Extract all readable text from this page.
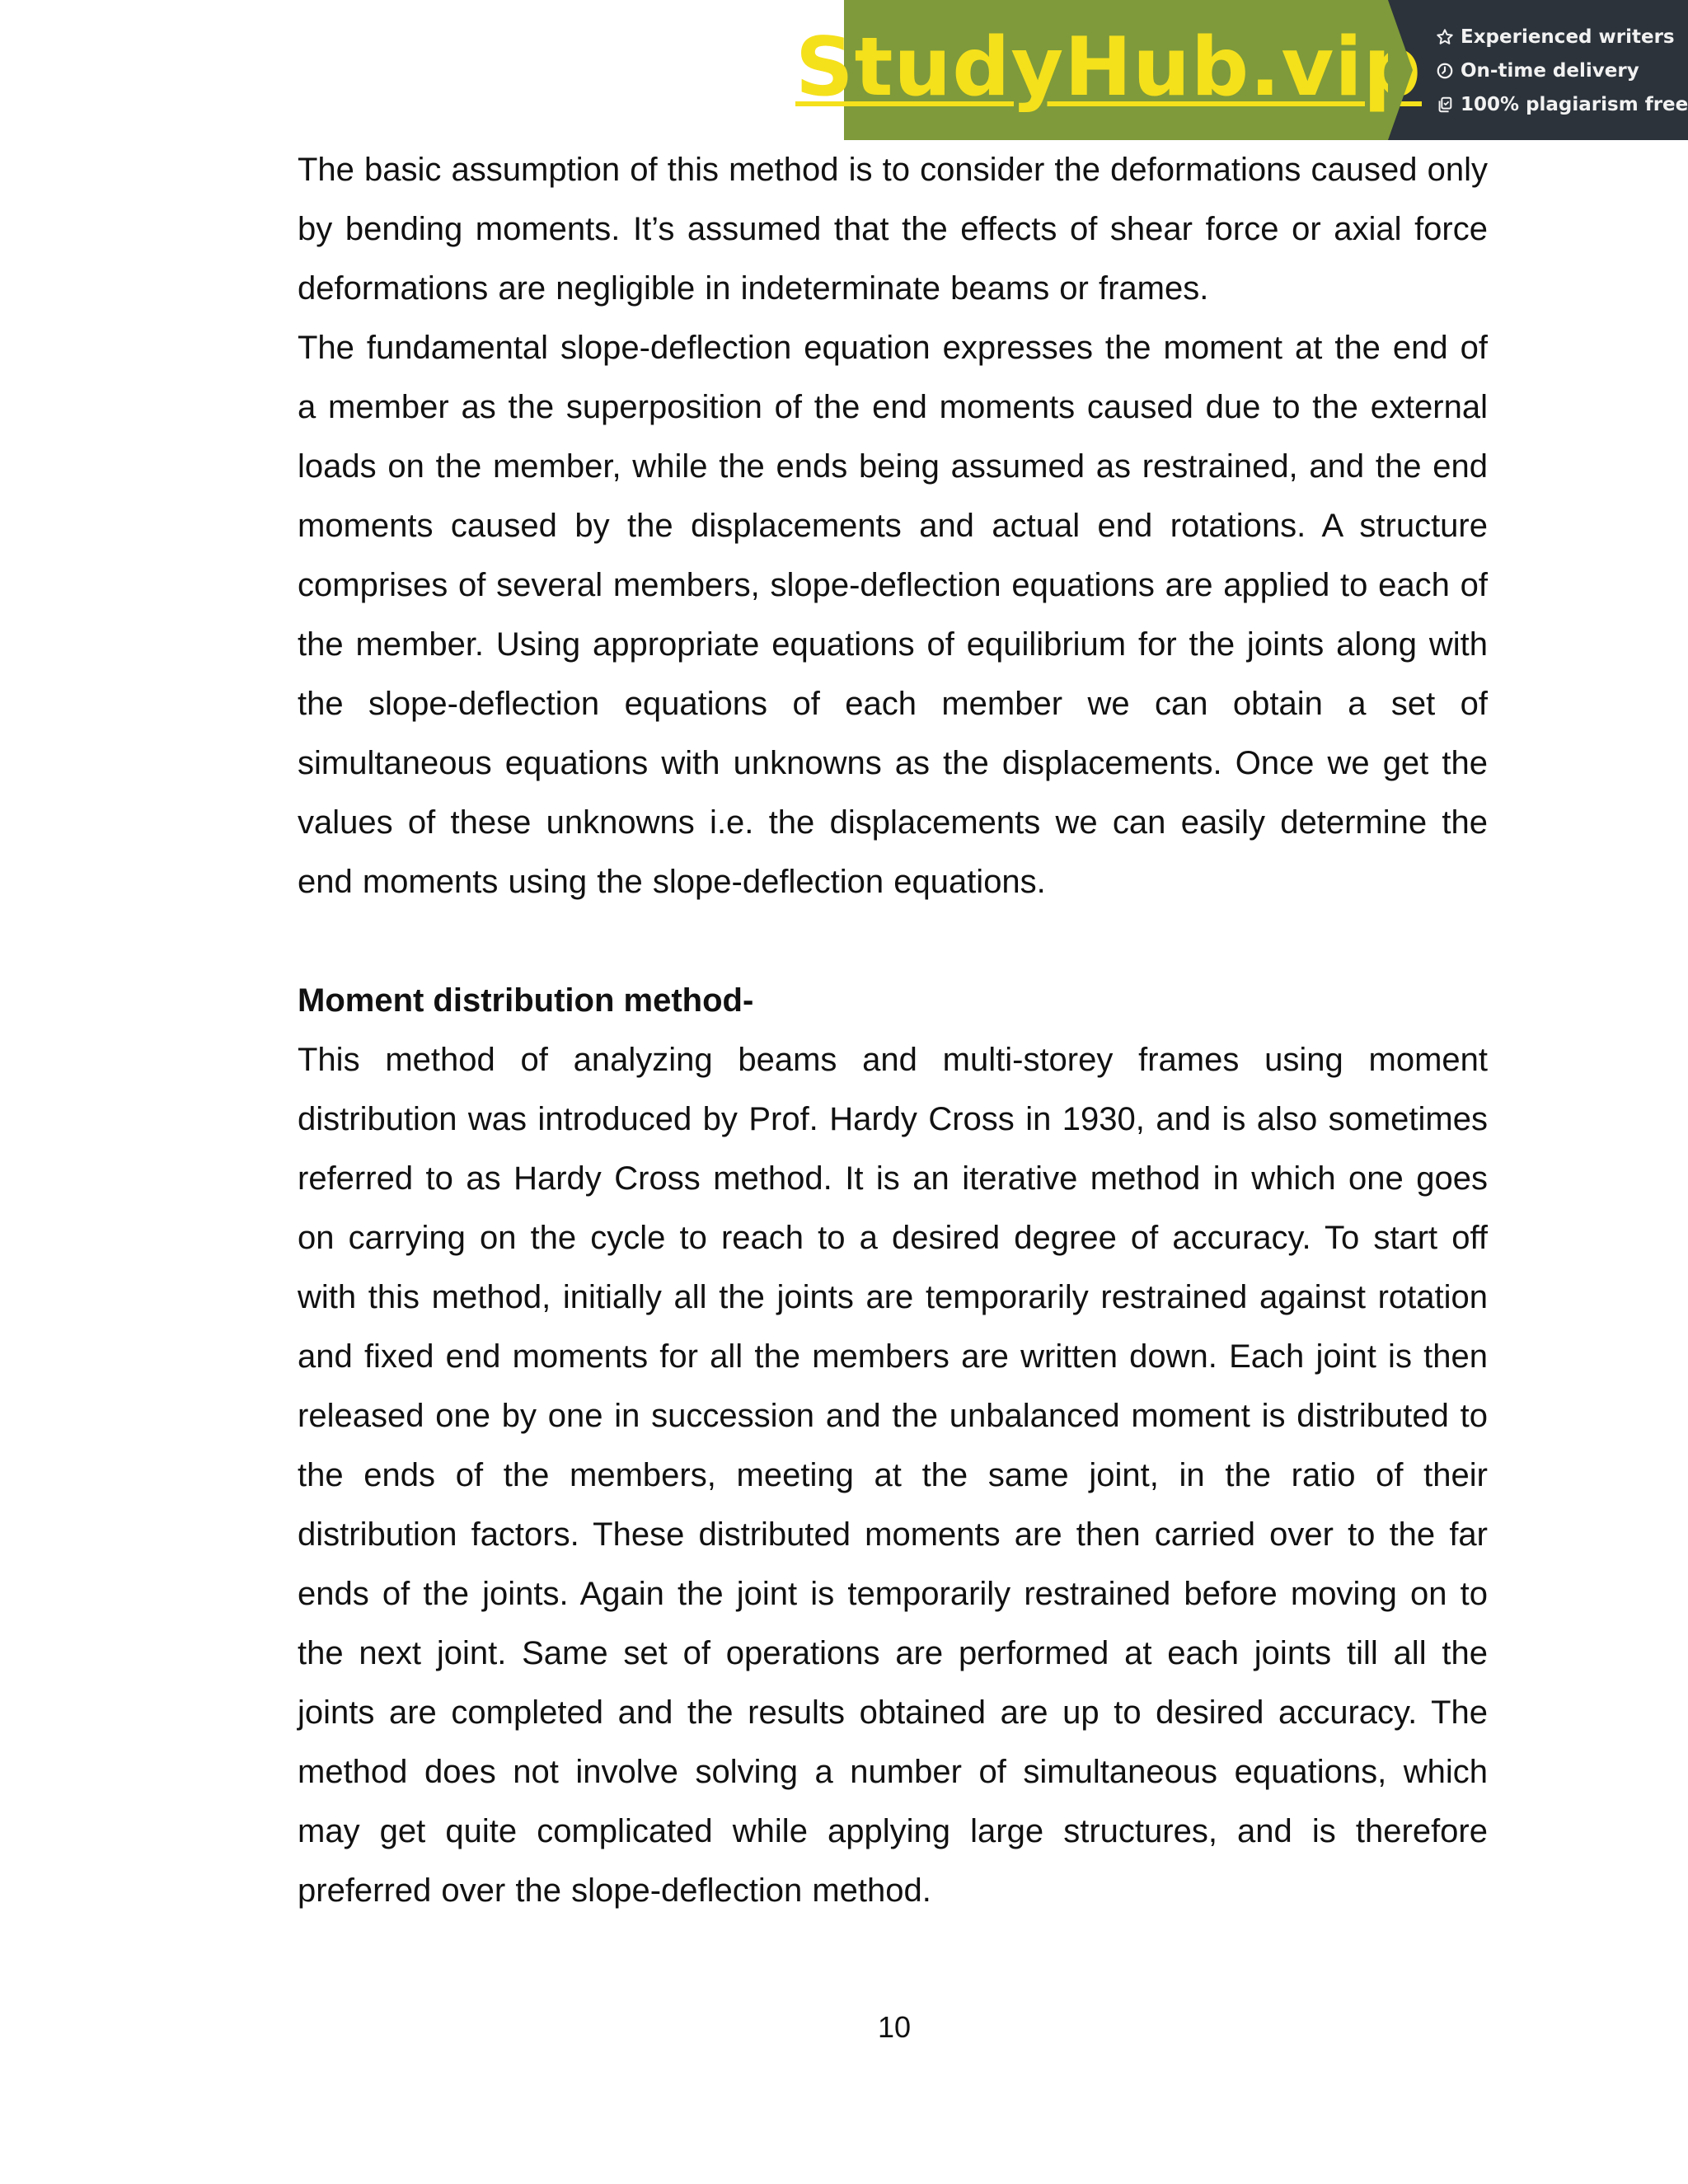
StudyHub.vip Experienced writers
On-time delivery
100% plagiarism free

The basic assumption of this method is to consider the deformations caused only by bending moments. It’s assumed that the effects of shear force or axial force deformations are negligible in indeterminate beams or frames.

The fundamental slope-deflection equation expresses the moment at the end of a member as the superposition of the end moments caused due to the external loads on the member, while the ends being assumed as restrained, and the end moments caused by the displacements and actual end rotations. A structure comprises of several members, slope-deflection equations are applied to each of the member. Using appropriate equations of equilibrium for the joints along with the slope-deflection equations of each member we can obtain a set of simultaneous equations with unknowns as the displacements. Once we get the values of these unknowns i.e. the displacements we can easily determine the end moments using the slope-deflection equations.

Moment distribution method-

This method of analyzing beams and multi-storey frames using moment distribution was introduced by Prof. Hardy Cross in 1930, and is also sometimes referred to as Hardy Cross method. It is an iterative method in which one goes on carrying on the cycle to reach to a desired degree of accuracy. To start off with this method, initially all the joints are temporarily restrained against rotation and fixed end moments for all the members are written down. Each joint is then released one by one in succession and the unbalanced moment is distributed to the ends of the members, meeting at the same joint, in the ratio of their distribution factors. These distributed moments are then carried over to the far ends of the joints. Again the joint is temporarily restrained before moving on to the next joint. Same set of operations are performed at each joints till all the joints are completed and the results obtained are up to desired accuracy. The method does not involve solving a number of simultaneous equations, which may get quite complicated while applying large structures, and is therefore preferred over the slope-deflection method.

10
